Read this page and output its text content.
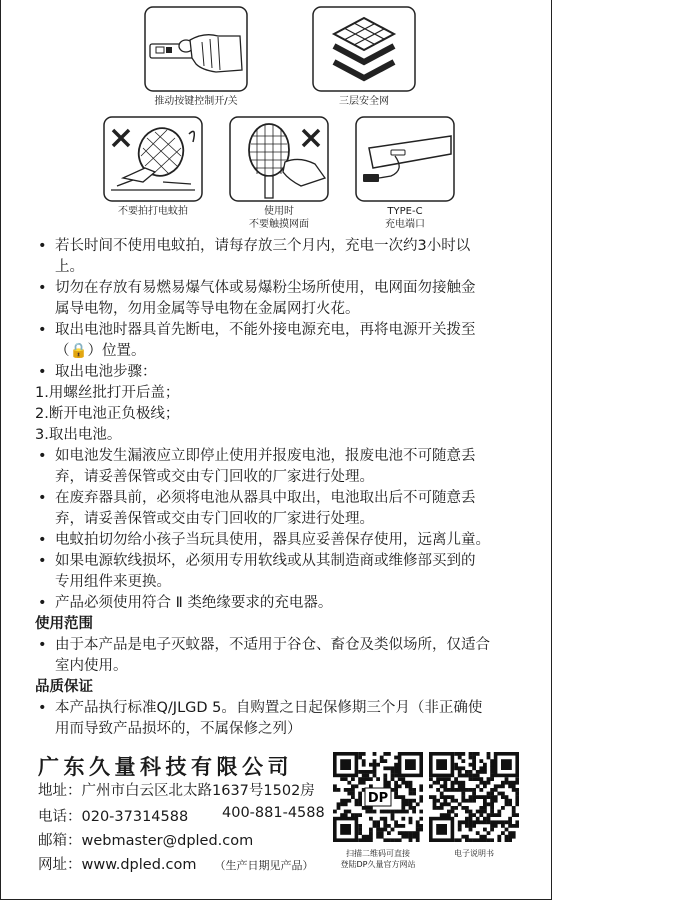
推动按键控制开/关	三层安全网
不要拍打电蚊拍	使用时
不要触摸网面
TYPE-C
充电端口
• 若长时间不使用电蚊拍，请每存放三个月内，充电一次约3小时以
上。
• 切勿在存放有易燃易爆气体或易爆粉尘场所使用，电网面勿接触金
属导电物，勿用金属等导电物在金属网打火花。
• 取出电池时器具首先断电，不能外接电源充电，再将电源开关拨至
（🔒）位置。
• 取出电池步骤：
1.用螺丝批打开后盖；
2.断开电池正负极线；
3.取出电池。
• 如电池发生漏液应立即停止使用并报废电池，报废电池不可随意丢
弃，请妥善保管或交由专门回收的厂家进行处理。
• 在废弃器具前，必须将电池从器具中取出，电池取出后不可随意丢
弃，请妥善保管或交由专门回收的厂家进行处理。
• 电蚊拍切勿给小孩子当玩具使用，器具应妥善保存使用，远离儿童。
• 如果电源软线损坏，必须用专用软线或从其制造商或维修部买到的
专用组件来更换。
• 产品必须使用符合 Ⅱ 类绝缘要求的充电器。
使用范围
• 由于本产品是电子灭蚊器，不适用于谷仓、畜仓及类似场所，仅适合
室内使用。
品质保证
• 本产品执行标准Q/JLGD 5。自购置之日起保修期三个月（非正确使
用而导致产品损坏的，不属保修之列）
广东久量科技有限公司
地址：广州市白云区北太路1637号1502房
电话：020-37314588 400-881-4588
邮箱：webmaster@dpled.com
网址：www.dpled.com （生产日期见产品）
DP
扫描二维码可直接
登陆DP久量官方网站
电子说明书
